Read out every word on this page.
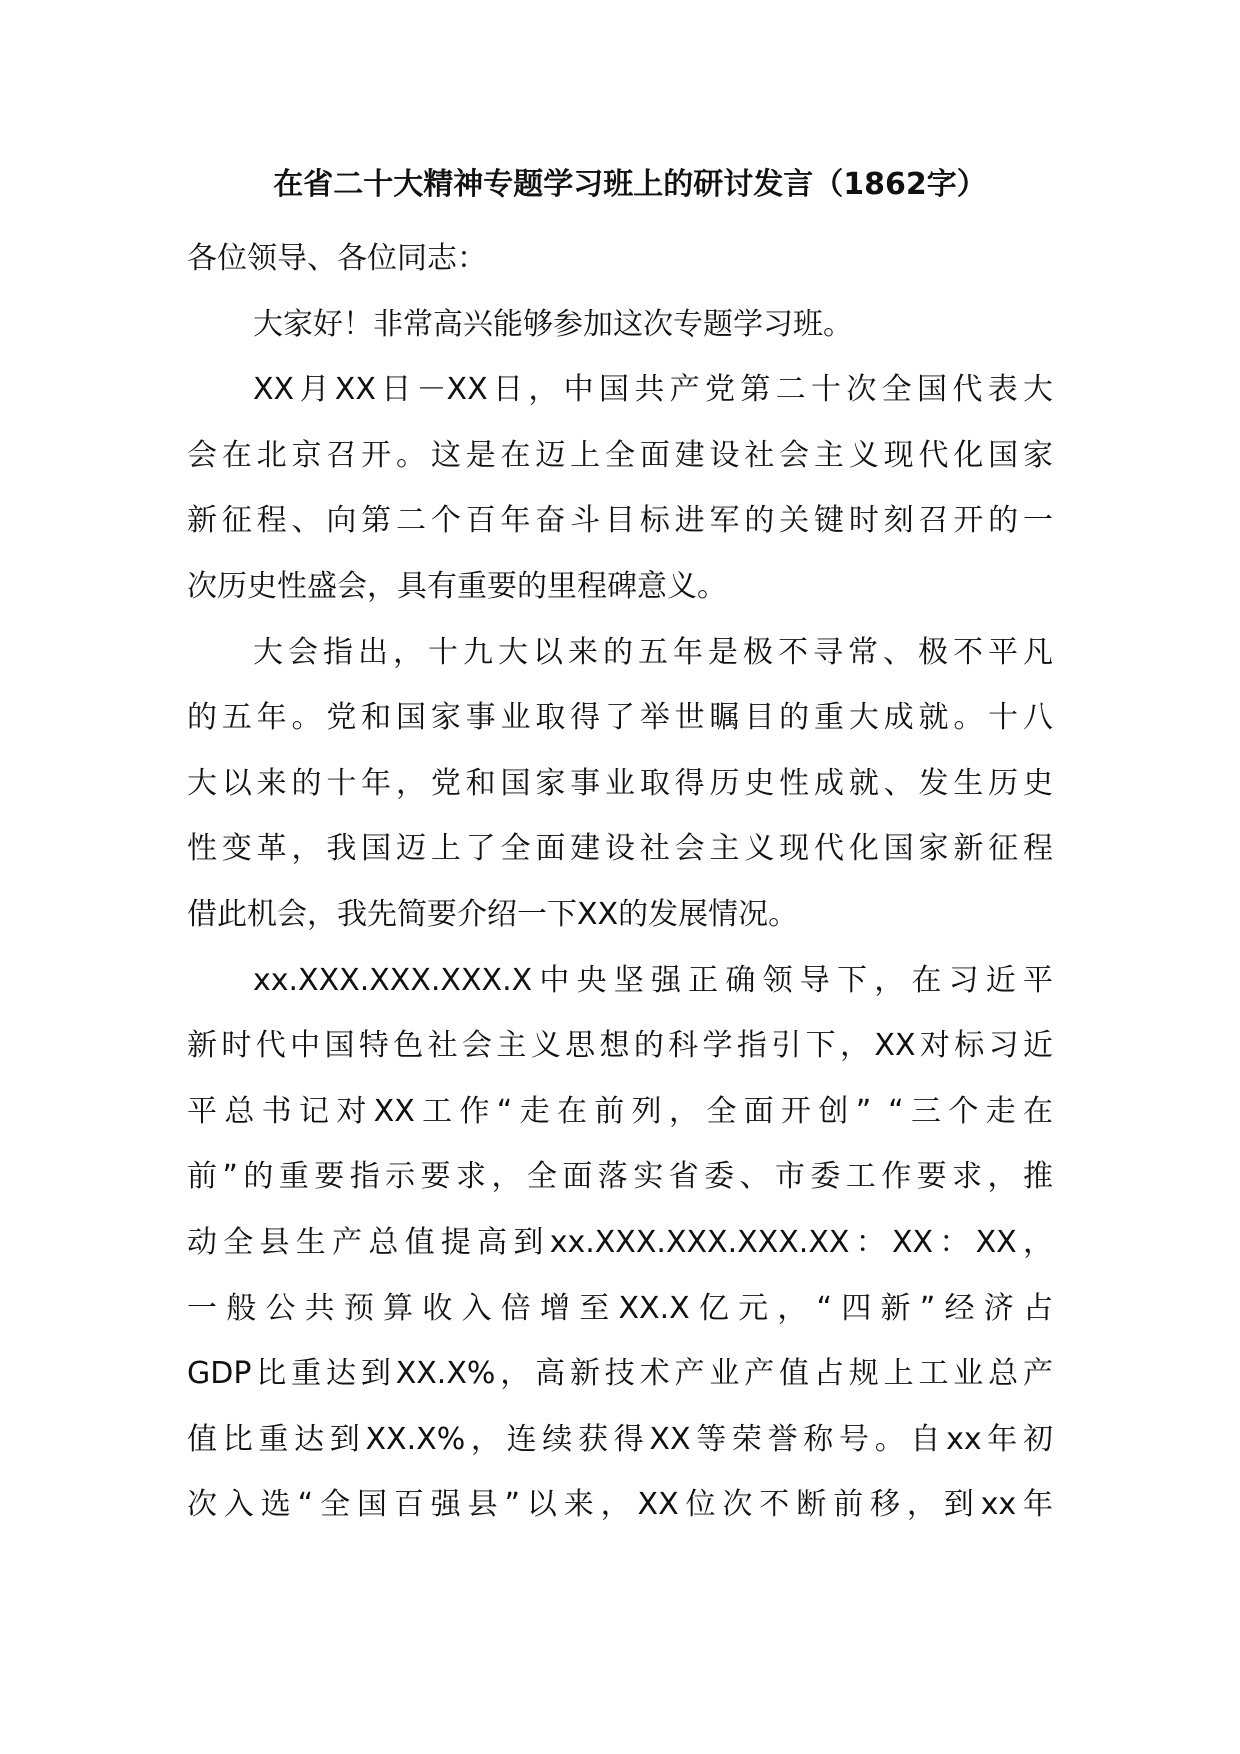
在省二十大精神专题学习班上的研讨发言（1862字）
各位领导、各位同志：
大家好！非常高兴能够参加这次专题学习班。
XX月XX日－XX日，中国共产党第二十次全国代表大
会在北京召开。这是在迈上全面建设社会主义现代化国家
新征程、向第二个百年奋斗目标进军的关键时刻召开的一
次历史性盛会，具有重要的里程碑意义。
大会指出，十九大以来的五年是极不寻常、极不平凡
的五年。党和国家事业取得了举世瞩目的重大成就。十八
大以来的十年，党和国家事业取得历史性成就、发生历史
性变革，我国迈上了全面建设社会主义现代化国家新征程
借此机会，我先简要介绍一下XX的发展情况。
xx.XXX.XXX.XXX.X中央坚强正确领导下，在习近平
新时代中国特色社会主义思想的科学指引下，XX对标习近
平总书记对XX工作“走在前列，全面开创” “三个走在
前”的重要指示要求，全面落实省委、市委工作要求，推
动全县生产总值提高到xx.XXX.XXX.XXX.XX：XX：XX，
一般公共预算收入倍增至XX.X亿元，“四新”经济占
GDP比重达到XX.X%，高新技术产业产值占规上工业总产
值比重达到XX.X%，连续获得XX等荣誉称号。自xx年初
次入选“全国百强县”以来，XX位次不断前移，到xx年
